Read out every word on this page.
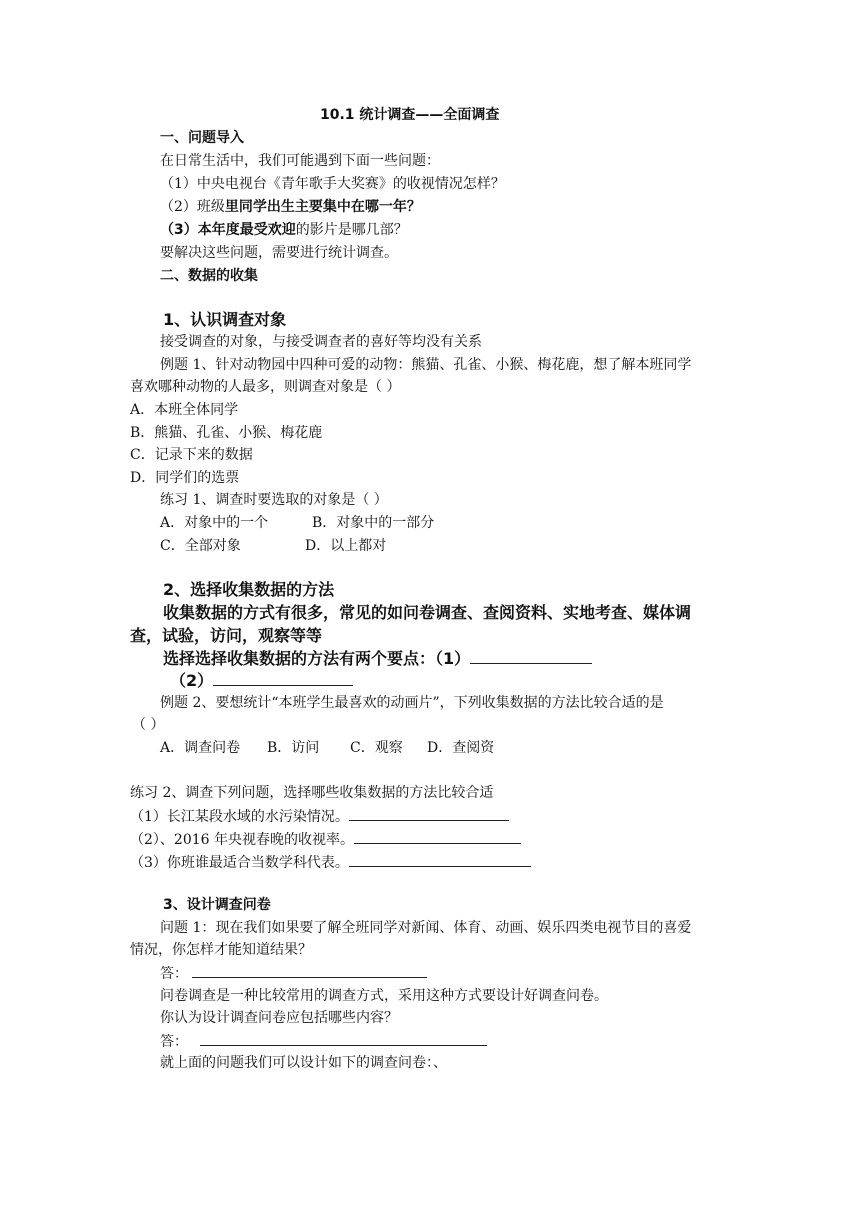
10.1 统计调查——全面调查
一、问题导入
在日常生活中，我们可能遇到下面一些问题：
（1）中央电视台《青年歌手大奖赛》的收视情况怎样？
（2）班级里同学出生主要集中在哪一年？
（3）本年度最受欢迎的影片是哪几部？
要解决这些问题，需要进行统计调查。
二、数据的收集
1、认识调查对象
接受调查的对象，与接受调查者的喜好等均没有关系
例题 1、针对动物园中四种可爱的动物：熊猫、孔雀、小猴、梅花鹿，想了解本班同学
喜欢哪种动物的人最多，则调查对象是（ ）
A．本班全体同学
B．熊猫、孔雀、小猴、梅花鹿
C．记录下来的数据
D．同学们的选票
练习 1、调查时要选取的对象是（ ）
A．对象中的一个	B．对象中的一部分
C．全部对象	D．以上都对
2、选择收集数据的方法
收集数据的方式有很多，常见的如问卷调查、查阅资料、实地考查、媒体调
查，试验，访问，观察等等
选择选择收集数据的方法有两个要点：（1）
（2）
例题 2、要想统计“本班学生最喜欢的动画片”，下列收集数据的方法比较合适的是
（ ）
A．调查问卷 B．访问 C．观察 D．查阅资
练习 2、调查下列问题，选择哪些收集数据的方法比较合适
（1）长江某段水域的水污染情况。
（2）、2016 年央视春晚的收视率。
（3）你班谁最适合当数学科代表。
3、设计调查问卷
问题 1：现在我们如果要了解全班同学对新闻、体育、动画、娱乐四类电视节目的喜爱
情况，你怎样才能知道结果？
答：
问卷调查是一种比较常用的调查方式，采用这种方式要设计好调查问卷。
你认为设计调查问卷应包括哪些内容？
答：
就上面的问题我们可以设计如下的调查问卷：、
